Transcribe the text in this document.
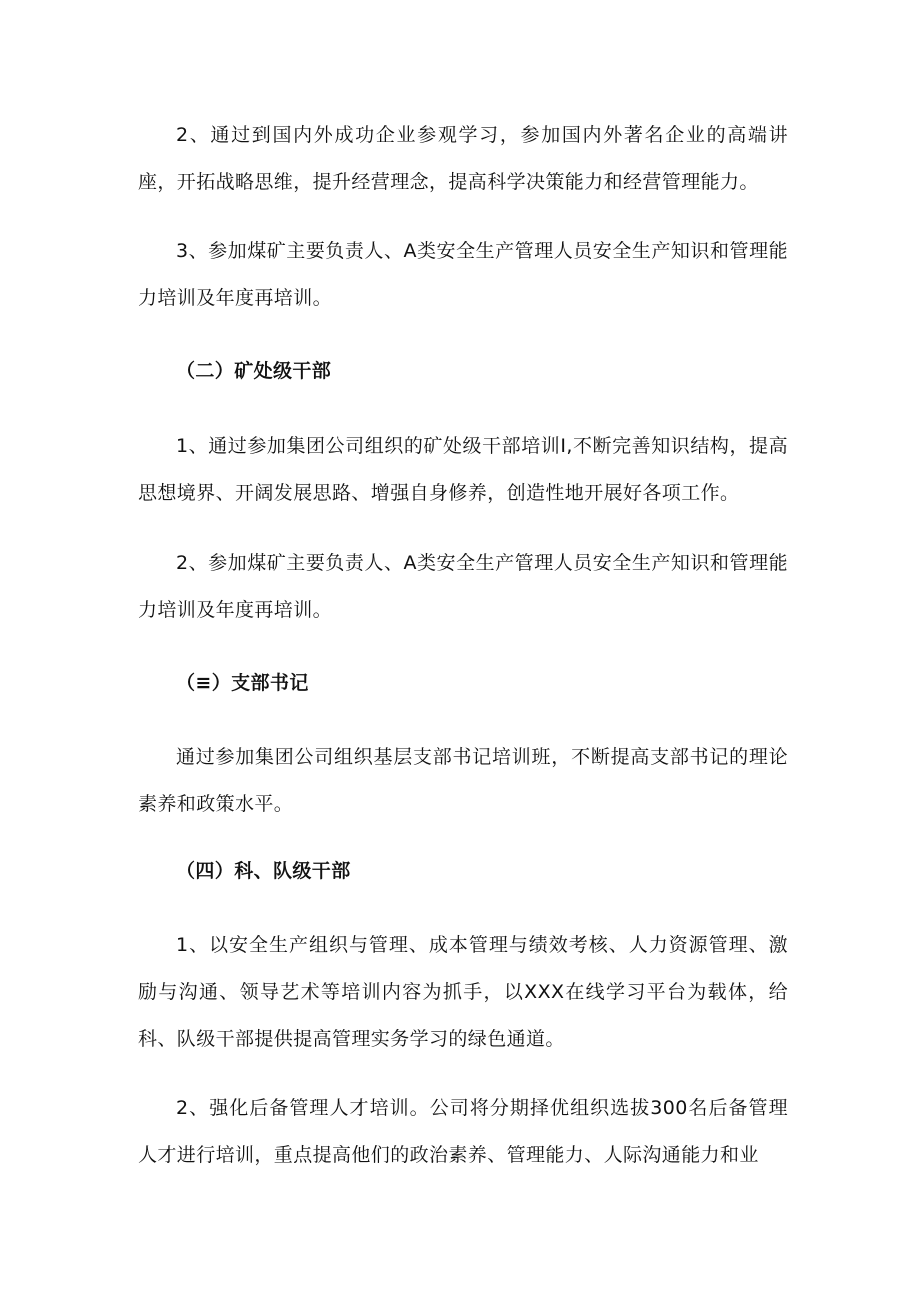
2、通过到国内外成功企业参观学习，参加国内外著名企业的高端讲座，开拓战略思维，提升经营理念，提高科学决策能力和经营管理能力。

3、参加煤矿主要负责人、A类安全生产管理人员安全生产知识和管理能力培训及年度再培训。

（二）矿处级干部

1、通过参加集团公司组织的矿处级干部培训I,不断完善知识结构，提高思想境界、开阔发展思路、增强自身修养，创造性地开展好各项工作。

2、参加煤矿主要负责人、A类安全生产管理人员安全生产知识和管理能力培训及年度再培训。

（≡）支部书记

通过参加集团公司组织基层支部书记培训班，不断提高支部书记的理论素养和政策水平。

（四）科、队级干部

1、以安全生产组织与管理、成本管理与绩效考核、人力资源管理、激励与沟通、领导艺术等培训内容为抓手，以XXX在线学习平台为载体，给科、队级干部提供提高管理实务学习的绿色通道。

2、强化后备管理人才培训。公司将分期择优组织选拔300名后备管理人才进行培训，重点提高他们的政治素养、管理能力、人际沟通能力和业
